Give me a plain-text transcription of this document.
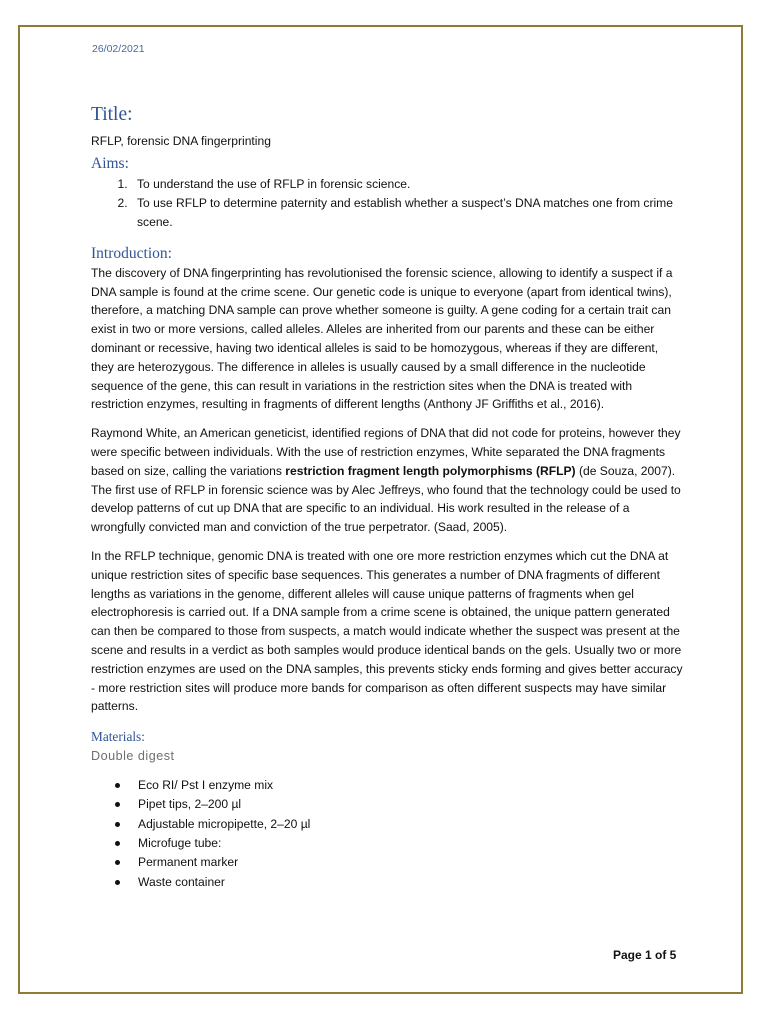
26/02/2021
Title:

RFLP, forensic DNA fingerprinting

Aims:
1. To understand the use of RFLP in forensic science.
2. To use RFLP to determine paternity and establish whether a suspect’s DNA matches one from crime scene.
Introduction:

The discovery of DNA fingerprinting has revolutionised the forensic science, allowing to identify a suspect if a DNA sample is found at the crime scene. Our genetic code is unique to everyone (apart from identical twins), therefore, a matching DNA sample can prove whether someone is guilty. A gene coding for a certain trait can exist in two or more versions, called alleles. Alleles are inherited from our parents and these can be either dominant or recessive, having two identical alleles is said to be homozygous, whereas if they are different, they are heterozygous. The difference in alleles is usually caused by a small difference in the nucleotide sequence of the gene, this can result in variations in the restriction sites when the DNA is treated with restriction enzymes, resulting in fragments of different lengths (Anthony JF Griffiths et al., 2016).

Raymond White, an American geneticist, identified regions of DNA that did not code for proteins, however they were specific between individuals. With the use of restriction enzymes, White separated the DNA fragments based on size, calling the variations restriction fragment length polymorphisms (RFLP) (de Souza, 2007). The first use of RFLP in forensic science was by Alec Jeffreys, who found that the technology could be used to develop patterns of cut up DNA that are specific to an individual. His work resulted in the release of a wrongfully convicted man and conviction of the true perpetrator. (Saad, 2005).

In the RFLP technique, genomic DNA is treated with one ore more restriction enzymes which cut the DNA at unique restriction sites of specific base sequences. This generates a number of DNA fragments of different lengths as variations in the genome, different alleles will cause unique patterns of fragments when gel electrophoresis is carried out. If a DNA sample from a crime scene is obtained, the unique pattern generated can then be compared to those from suspects, a match would indicate whether the suspect was present at the scene and results in a verdict as both samples would produce identical bands on the gels. Usually two or more restriction enzymes are used on the DNA samples, this prevents sticky ends forming and gives better accuracy - more restriction sites will produce more bands for comparison as often different suspects may have similar patterns.

Materials:
Double digest
Eco RI/ Pst I enzyme mix
Pipet tips, 2–200 µl
Adjustable micropipette, 2–20 µl
Microfuge tube:
Permanent marker
Waste container
Page 1 of 5
